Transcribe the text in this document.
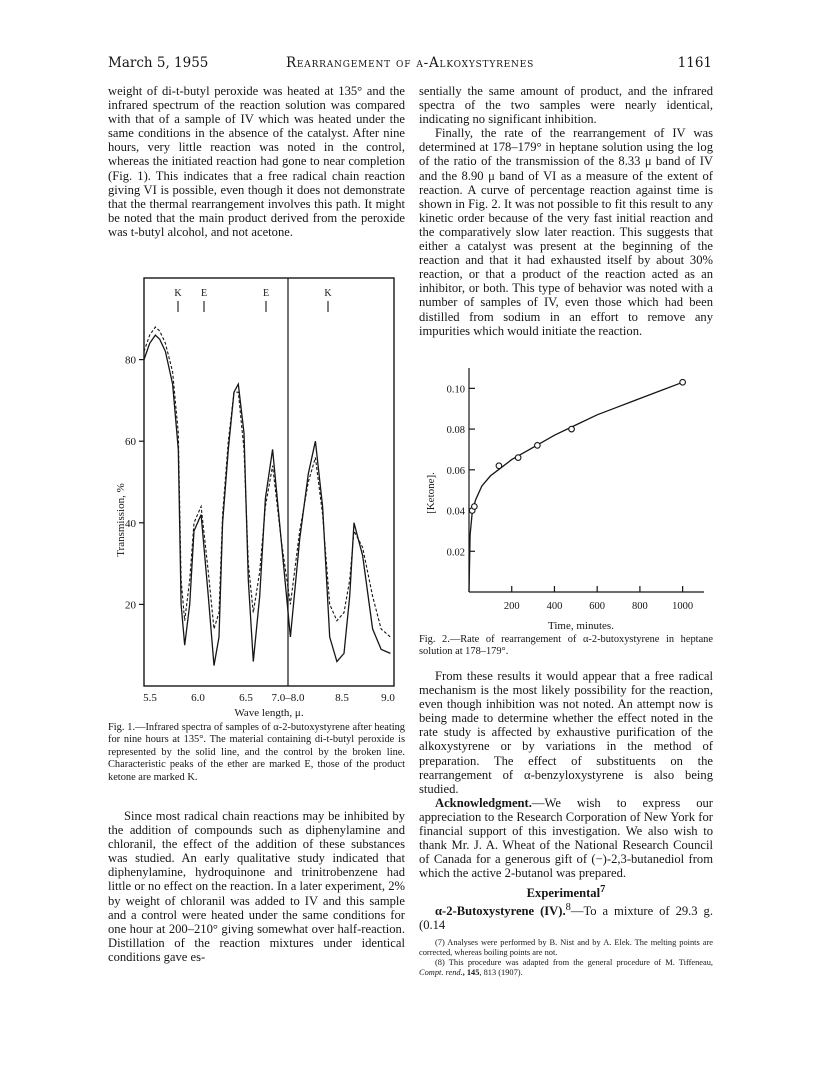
March 5, 1955	Rearrangement of α-Alkoxystyrenes	1161

weight of di-t-butyl peroxide was heated at 135° and the infrared spectrum of the reaction solution was compared with that of a sample of IV which was heated under the same conditions in the absence of the catalyst. After nine hours, very little reaction was noted in the control, whereas the initiated reaction had gone to near completion (Fig. 1). This indicates that a free radical chain reaction giving VI is possible, even though it does not demonstrate that the thermal rearrangement involves this path. It might be noted that the main product derived from the peroxide was t-butyl alcohol, and not acetone.

80
60
40
20
5.5	6.0	6.5 7.0–8.0	8.5	9.0
Transmission, %
Wave length, μ.
K E	E	K
Fig. 1.—Infrared spectra of samples of α-2-butoxystyrene after heating for nine hours at 135°. The material containing di-t-butyl peroxide is represented by the solid line, and the control by the broken line. Characteristic peaks of the ether are marked E, those of the product ketone are marked K.

Since most radical chain reactions may be inhibited by the addition of compounds such as diphenylamine and chloranil, the effect of the addition of these substances was studied. An early qualitative study indicated that diphenylamine, hydroquinone and trinitrobenzene had little or no effect on the reaction. In a later experiment, 2% by weight of chloranil was added to IV and this sample and a control were heated under the same conditions for one hour at 200–210° giving somewhat over half-reaction. Distillation of the reaction mixtures under identical conditions gave es-

sentially the same amount of product, and the infrared spectra of the two samples were nearly identical, indicating no significant inhibition.

Finally, the rate of the rearrangement of IV was determined at 178–179° in heptane solution using the log of the ratio of the transmission of the 8.33 μ band of IV and the 8.90 μ band of VI as a measure of the extent of reaction. A curve of percentage reaction against time is shown in Fig. 2. It was not possible to fit this result to any kinetic order because of the very fast initial reaction and the comparatively slow later reaction. This suggests that either a catalyst was present at the beginning of the reaction and that it had exhausted itself by about 30% reaction, or that a product of the reaction acted as an inhibitor, or both. This type of behavior was noted with a number of samples of IV, even those which had been distilled from sodium in an effort to remove any impurities which would initiate the reaction.

0.10
0.08
0.06
0.04
0.02
200	400	600	800 1000
[Ketone].
Time, minutes.
Fig. 2.—Rate of rearrangement of α-2-butoxystyrene in heptane solution at 178–179°.

From these results it would appear that a free radical mechanism is the most likely possibility for the reaction, even though inhibition was not noted. An attempt now is being made to determine whether the effect noted in the rate study is affected by exhaustive purification of the alkoxystyrene or by variations in the method of preparation. The effect of substituents on the rearrangement of α-benzyloxystyrene is also being studied.

Acknowledgment.—We wish to express our appreciation to the Research Corporation of New York for financial support of this investigation. We also wish to thank Mr. J. A. Wheat of the National Research Council of Canada for a generous gift of (−)-2,3-butanediol from which the active 2-butanol was prepared.

Experimental$^7$

α-2-Butoxystyrene (IV).$^8$—To a mixture of 29.3 g. (0.14

(7) Analyses were performed by B. Nist and by A. Elek. The melting points are corrected, whereas boiling points are not.

(8) This procedure was adapted from the general procedure of M. Tiffeneau, Compt. rend., 145, 813 (1907).
